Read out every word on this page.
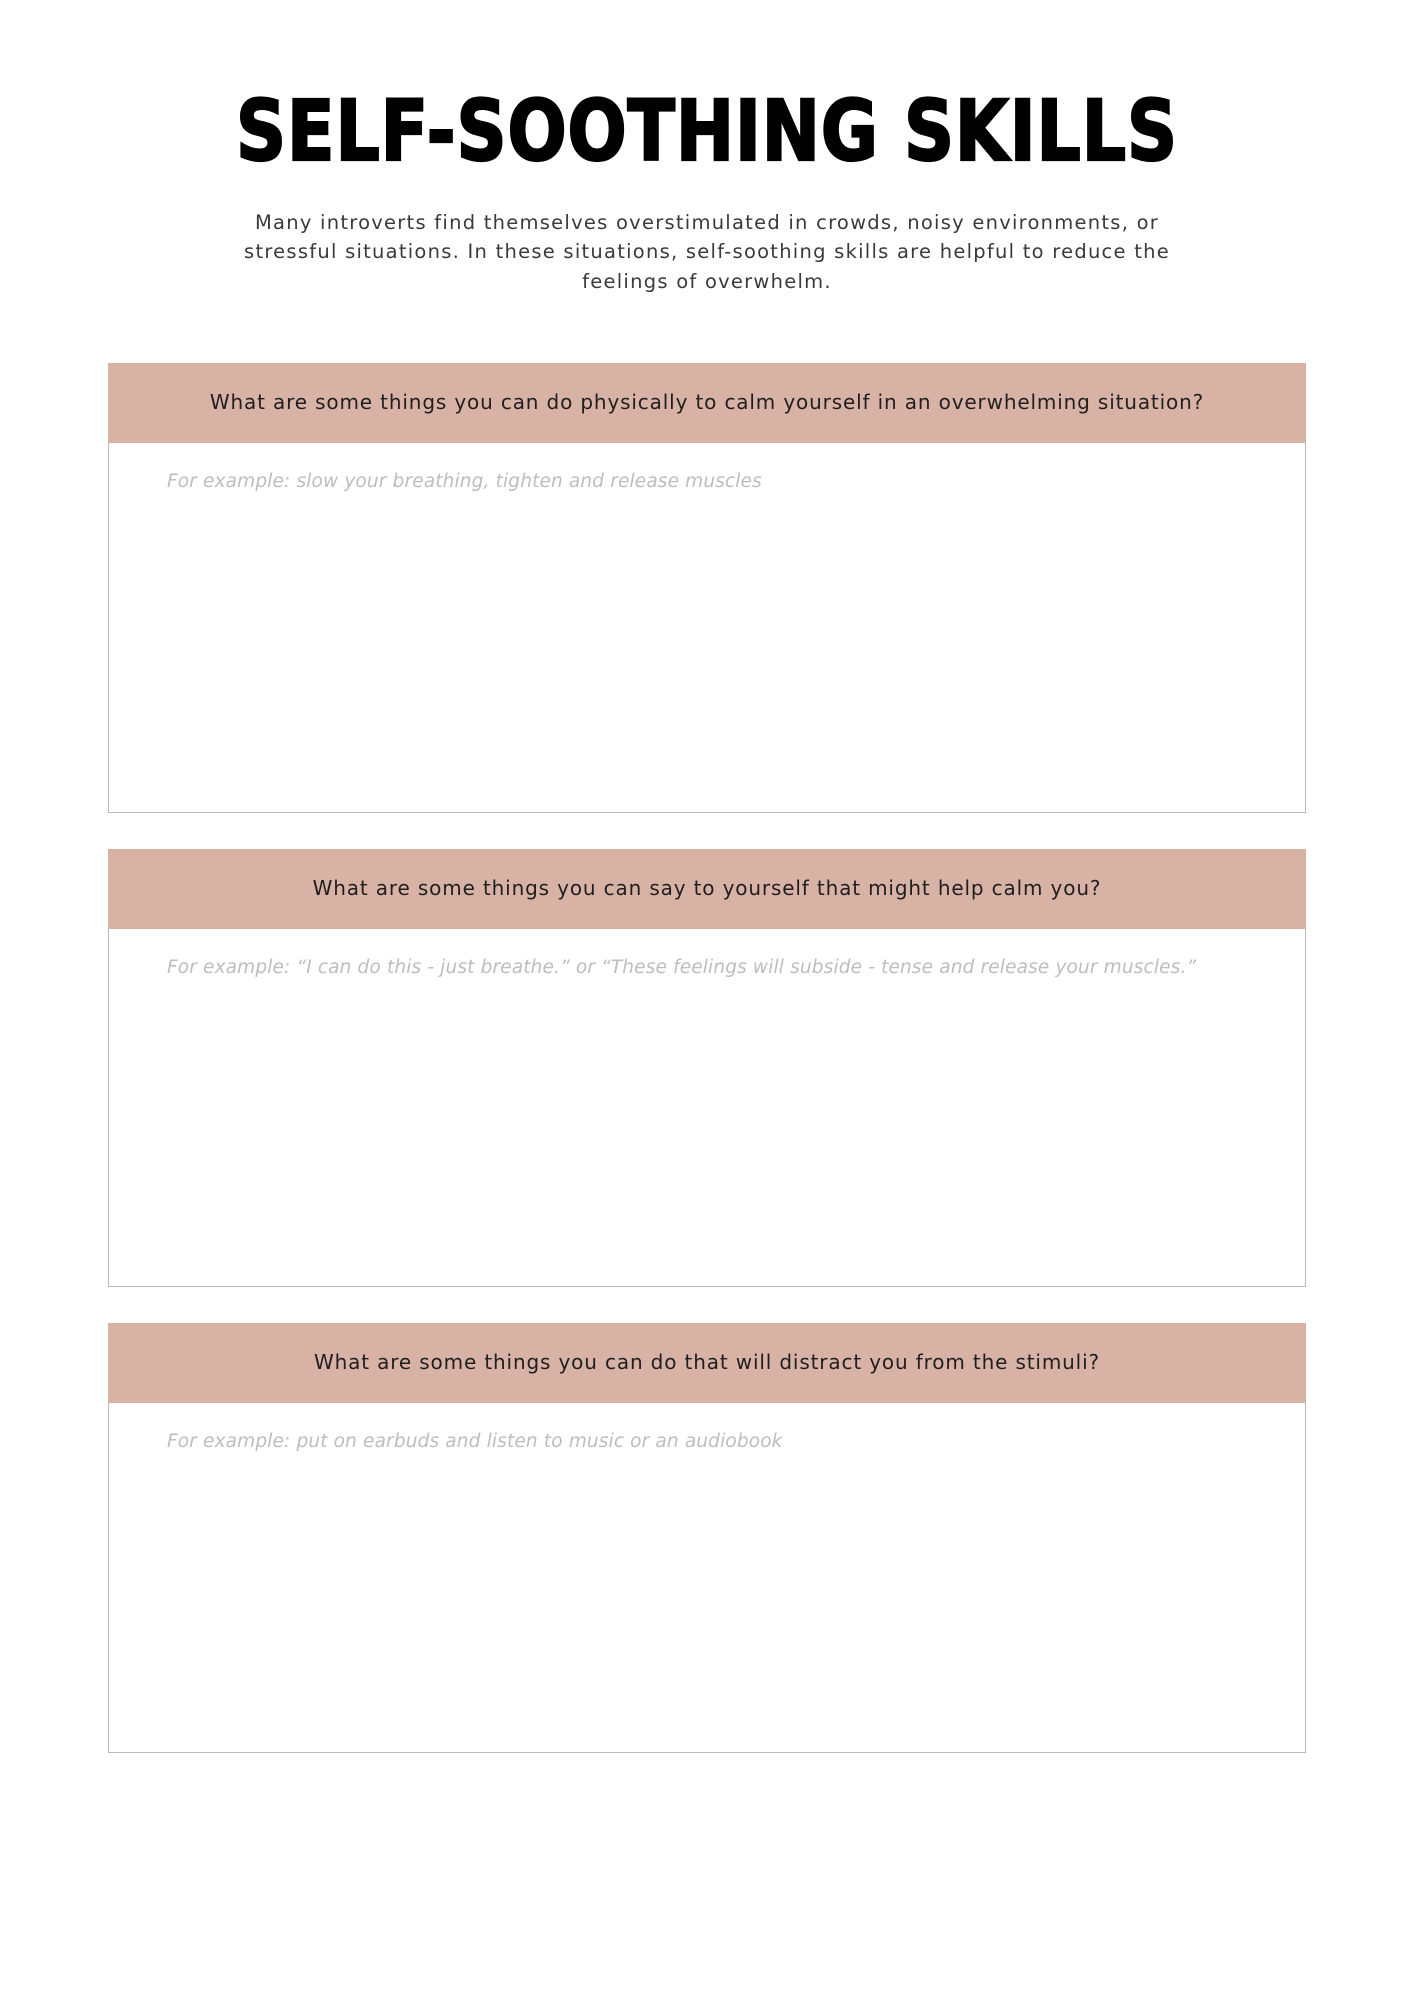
SELF-SOOTHING SKILLS

Many introverts find themselves overstimulated in crowds, noisy environments, or stressful situations. In these situations, self-soothing skills are helpful to reduce the feelings of overwhelm.

What are some things you can do physically to calm yourself in an overwhelming situation?

For example: slow your breathing, tighten and release muscles

What are some things you can say to yourself that might help calm you?

For example: “I can do this - just breathe.” or “These feelings will subside - tense and release your muscles.”

What are some things you can do that will distract you from the stimuli?

For example: put on earbuds and listen to music or an audiobook
